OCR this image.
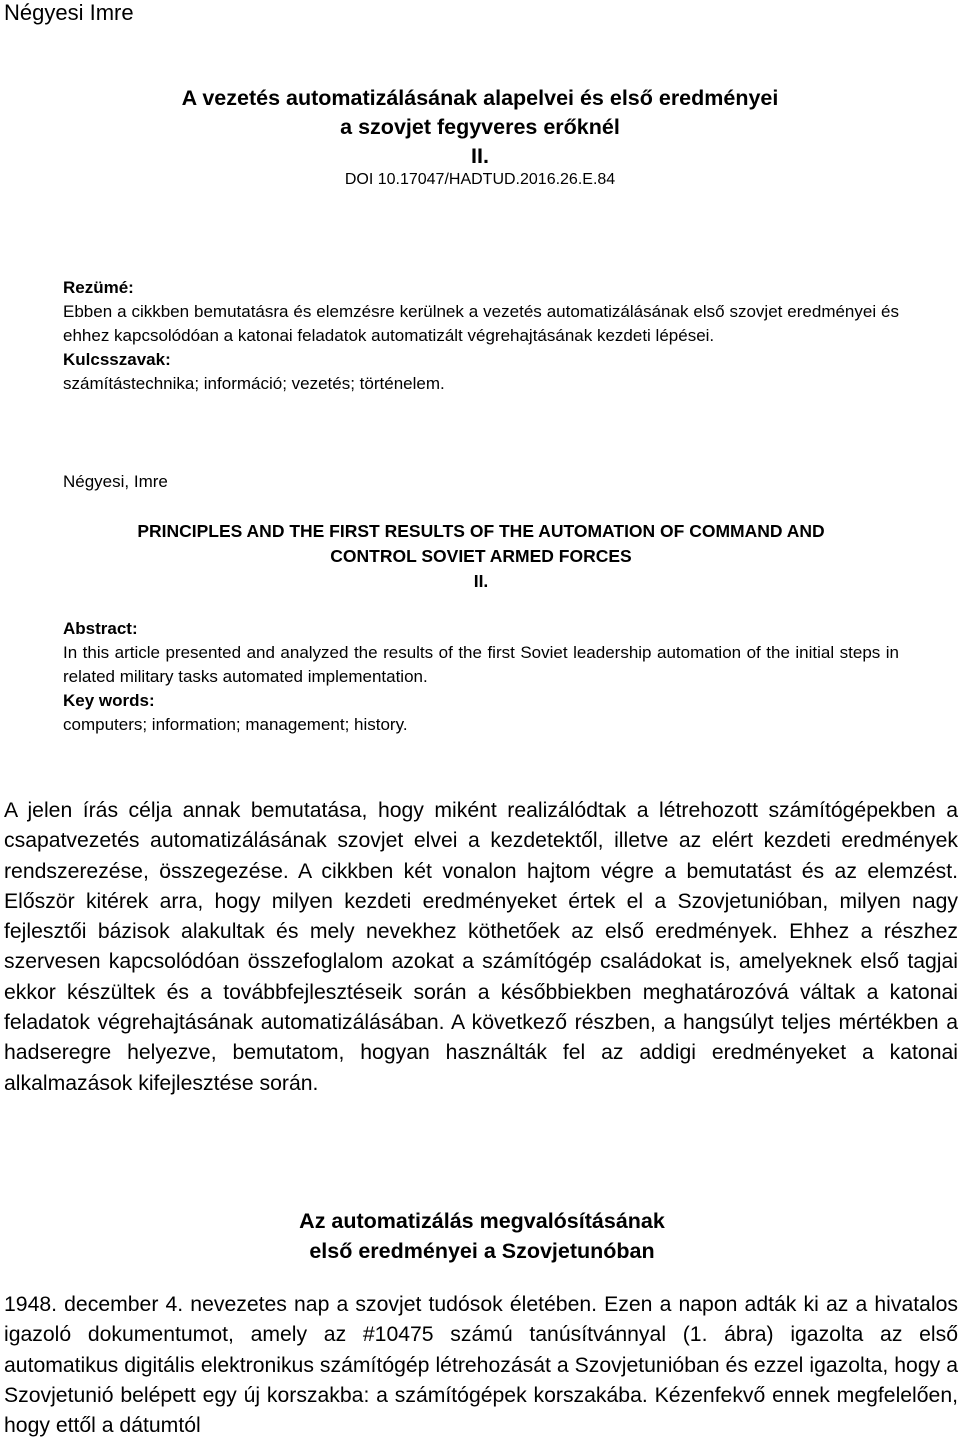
Négyesi Imre
A vezetés automatizálásának alapelvei és első eredményei
a szovjet fegyveres erőknél
II.
DOI 10.17047/HADTUD.2016.26.E.84
Rezümé:
Ebben a cikkben bemutatásra és elemzésre kerülnek a vezetés automatizálásának első szovjet eredményei és ehhez kapcsolódóan a katonai feladatok automatizált végrehajtásának kezdeti lépései.
Kulcsszavak:
számítástechnika; információ; vezetés; történelem.
Négyesi, Imre
PRINCIPLES AND THE FIRST RESULTS OF THE AUTOMATION OF COMMAND AND
CONTROL SOVIET ARMED FORCES
II.
Abstract:
In this article presented and analyzed the results of the first Soviet leadership automation of the initial steps in related military tasks automated implementation.
Key words:
computers; information; management; history.
A jelen írás célja annak bemutatása, hogy miként realizálódtak a létrehozott számítógépekben a csapatvezetés automatizálásának szovjet elvei a kezdetektől, illetve az elért kezdeti eredmények rendszerezése, összegezése. A cikkben két vonalon hajtom végre a bemutatást és az elemzést. Először kitérek arra, hogy milyen kezdeti eredményeket értek el a Szovjetunióban, milyen nagy fejlesztői bázisok alakultak és mely nevekhez köthetőek az első eredmények. Ehhez a részhez szervesen kapcsolódóan összefoglalom azokat a számítógép családokat is, amelyeknek első tagjai ekkor készültek és a továbbfejlesztéseik során a későbbiekben meghatározóvá váltak a katonai feladatok végrehajtásának automatizálásában. A következő részben, a hangsúlyt teljes mértékben a hadseregre helyezve, bemutatom, hogyan használták fel az addigi eredményeket a katonai alkalmazások kifejlesztése során.
Az automatizálás megvalósításának
első eredményei a Szovjetunóban
1948. december 4. nevezetes nap a szovjet tudósok életében. Ezen a napon adták ki az a hivatalos igazoló dokumentumot, amely az #10475 számú tanúsítvánnyal (1. ábra) igazolta az első automatikus digitális elektronikus számítógép létrehozását a Szovjetunióban és ezzel igazolta, hogy a Szovjetunió belépett egy új korszakba: a számítógépek korszakába. Kézenfekvő ennek megfelelően, hogy ettől a dátumtól
